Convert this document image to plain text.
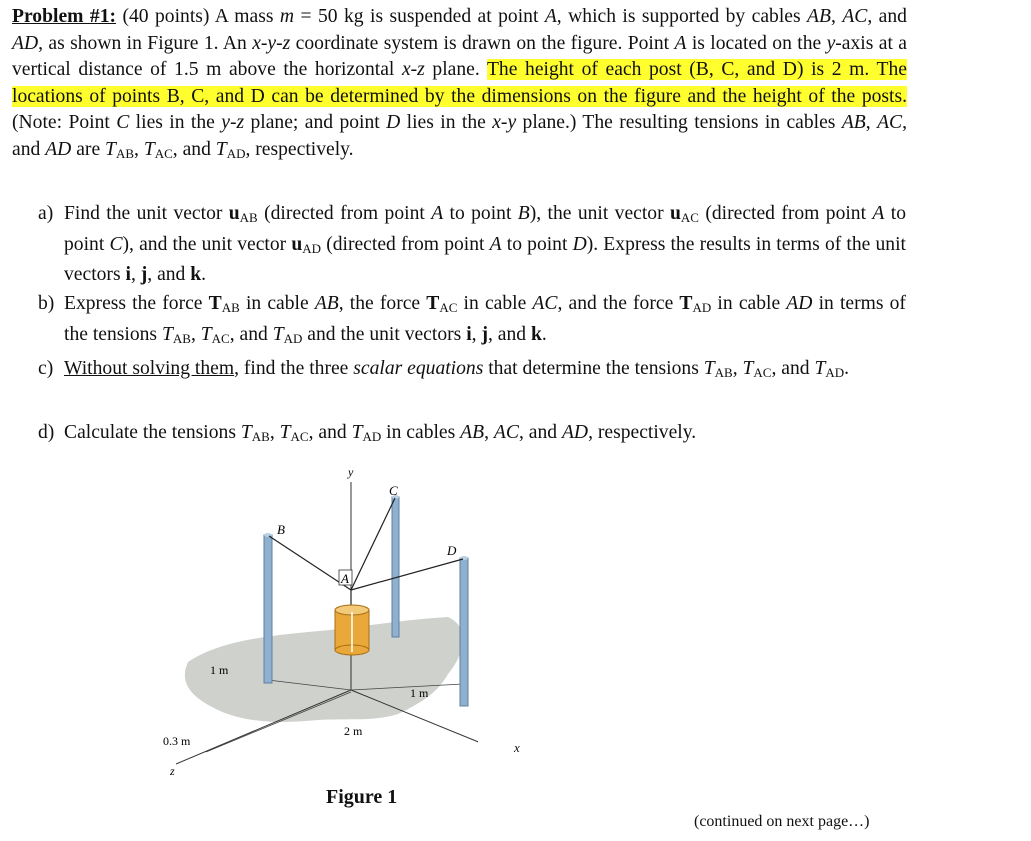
Problem #1: (40 points) A mass m = 50 kg is suspended at point A, which is supported by cables AB, AC, and AD, as shown in Figure 1. An x-y-z coordinate system is drawn on the figure. Point A is located on the y-axis at a vertical distance of 1.5 m above the horizontal x-z plane. The height of each post (B, C, and D) is 2 m. The locations of points B, C, and D can be determined by the dimensions on the figure and the height of the posts. (Note: Point C lies in the y-z plane; and point D lies in the x-y plane.) The resulting tensions in cables AB, AC, and AD are $T_{AB}$, $T_{AC}$, and $T_{AD}$, respectively.
a) Find the unit vector $u_{AB}$ (directed from point A to point B), the unit vector $u_{AC}$ (directed from point A to point C), and the unit vector $u_{AD}$ (directed from point A to point D). Express the results in terms of the unit vectors i, j, and k.
b) Express the force $T_{AB}$ in cable AB, the force $T_{AC}$ in cable AC, and the force $T_{AD}$ in cable AD in terms of the tensions $T_{AB}$, $T_{AC}$, and $T_{AD}$ and the unit vectors i, j, and k.
c) Without solving them, find the three scalar equations that determine the tensions $T_{AB}$, $T_{AC}$, and $T_{AD}$.
d) Calculate the tensions $T_{AB}$, $T_{AC}$, and $T_{AD}$ in cables AB, AC, and AD, respectively.
y
C
B
D
A
1 m
1 m
2 m
0.3 m
z
x
Figure 1
(continued on next page…)
